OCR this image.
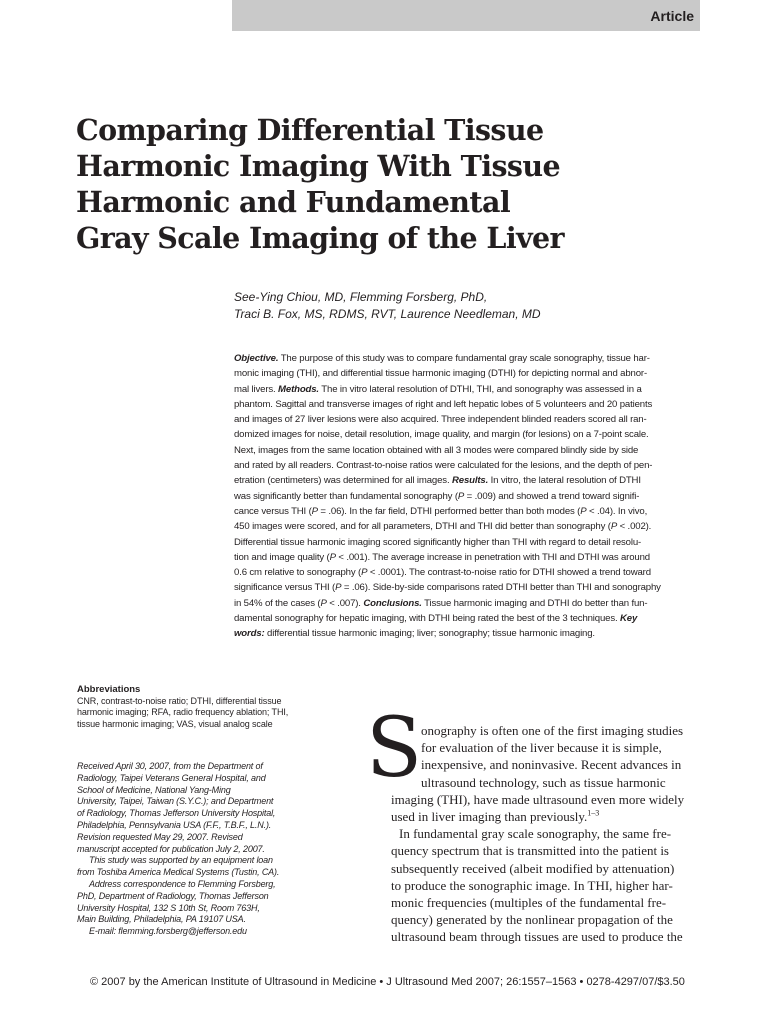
Article
Comparing Differential Tissue
Harmonic Imaging With Tissue
Harmonic and Fundamental
Gray Scale Imaging of the Liver
See-Ying Chiou, MD, Flemming Forsberg, PhD,
Traci B. Fox, MS, RDMS, RVT, Laurence Needleman, MD
Objective. The purpose of this study was to compare fundamental gray scale sonography, tissue har-
monic imaging (THI), and differential tissue harmonic imaging (DTHI) for depicting normal and abnor-
mal livers. Methods. The in vitro lateral resolution of DTHI, THI, and sonography was assessed in a
phantom. Sagittal and transverse images of right and left hepatic lobes of 5 volunteers and 20 patients
and images of 27 liver lesions were also acquired. Three independent blinded readers scored all ran-
domized images for noise, detail resolution, image quality, and margin (for lesions) on a 7-point scale.
Next, images from the same location obtained with all 3 modes were compared blindly side by side
and rated by all readers. Contrast-to-noise ratios were calculated for the lesions, and the depth of pen-
etration (centimeters) was determined for all images. Results. In vitro, the lateral resolution of DTHI
was significantly better than fundamental sonography (P = .009) and showed a trend toward signifi-
cance versus THI (P = .06). In the far field, DTHI performed better than both modes (P < .04). In vivo,
450 images were scored, and for all parameters, DTHI and THI did better than sonography (P < .002).
Differential tissue harmonic imaging scored significantly higher than THI with regard to detail resolu-
tion and image quality (P < .001). The average increase in penetration with THI and DTHI was around
0.6 cm relative to sonography (P < .0001). The contrast-to-noise ratio for DTHI showed a trend toward
significance versus THI (P = .06). Side-by-side comparisons rated DTHI better than THI and sonography
in 54% of the cases (P < .007). Conclusions. Tissue harmonic imaging and DTHI do better than fun-
damental sonography for hepatic imaging, with DTHI being rated the best of the 3 techniques. Key
words: differential tissue harmonic imaging; liver; sonography; tissue harmonic imaging.
Abbreviations
CNR, contrast-to-noise ratio; DTHI, differential tissue
harmonic imaging; RFA, radio frequency ablation; THI,
tissue harmonic imaging; VAS, visual analog scale
Received April 30, 2007, from the Department of
Radiology, Taipei Veterans General Hospital, and
School of Medicine, National Yang-Ming
University, Taipei, Taiwan (S.Y.C.); and Department
of Radiology, Thomas Jefferson University Hospital,
Philadelphia, Pennsylvania USA (F.F., T.B.F., L.N.).
Revision requested May 29, 2007. Revised
manuscript accepted for publication July 2, 2007.
This study was supported by an equipment loan
from Toshiba America Medical Systems (Tustin, CA).
Address correspondence to Flemming Forsberg,
PhD, Department of Radiology, Thomas Jefferson
University Hospital, 132 S 10th St, Room 763H,
Main Building, Philadelphia, PA 19107 USA.
E-mail: flemming.forsberg@jefferson.edu
S
onography is often one of the first imaging studies
for evaluation of the liver because it is simple,
inexpensive, and noninvasive. Recent advances in
ultrasound technology, such as tissue harmonic
imaging (THI), have made ultrasound even more widely
used in liver imaging than previously.$^{1-3}$
In fundamental gray scale sonography, the same fre-
quency spectrum that is transmitted into the patient is
subsequently received (albeit modified by attenuation)
to produce the sonographic image. In THI, higher har-
monic frequencies (multiples of the fundamental fre-
quency) generated by the nonlinear propagation of the
ultrasound beam through tissues are used to produce the
© 2007 by the American Institute of Ultrasound in Medicine • J Ultrasound Med 2007; 26:1557–1563 • 0278-4297/07/$3.50
